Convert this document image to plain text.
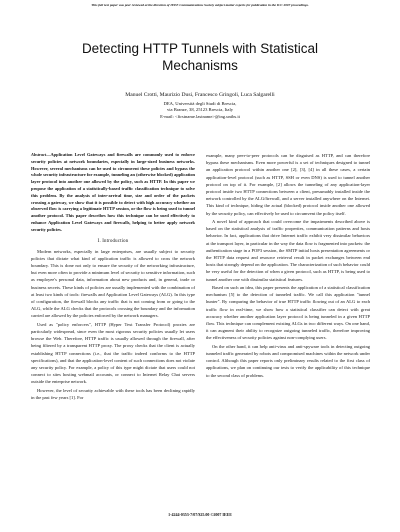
This full text paper was peer reviewed at the direction of IEEE Communications Society subject matter experts for publication in the ICC 2007 proceedings.
Detecting HTTP Tunnels with Statistical
Mechanisms
Manuel Crotti, Maurizio Dusi, Francesco Gringoli, Luca Salgarelli
DEA, Università degli Studi di Brescia,
via Branze, 38, 25123 Brescia, Italy
E-mail: <firstname.lastname>@ing.unibs.it

Abstract—Application Level Gateways and firewalls are commonly used to enforce security policies at network boundaries, especially in large-sized business networks. However, several mechanisms can be used to circumvent these policies and bypass the whole security infrastructure for example, tunneling an (otherwise blocked) application layer protocol into another one allowed by the policy, such as HTTP. In this paper we propose the application of a statistically-based traffic classification technique to solve this problem. By the analysis of inter-arrival time, size and order of the packets crossing a gateway, we show that it is possible to detect with high accuracy whether an observed flow is carrying a legitimate HTTP session, or the flow is being used to tunnel another protocol. This paper describes how this technique can be used effectively to enhance Application Level Gateways and firewalls, helping to better apply network security policies.

I. Introduction

Modern networks, especially in large enterprises, are usually subject to security policies that dictate what kind of application traffic is allowed to cross the network boundary. This is done not only to ensure the security of the networking infrastructure, but even more often to provide a minimum level of security to sensitive information, such as employee's personal data, information about new products and, in general, trade or business secrets. These kinds of policies are usually implemented with the combination of at least two kinds of tools: firewalls and Application Level Gateways (ALG). In this type of configuration, the firewall blocks any traffic that is not coming from or going to the ALG, while the ALG checks that the protocols crossing the boundary and the information carried are allowed by the policies enforced by the network managers.

Used as "policy enforcers", HTTP (Hyper Text Transfer Protocol) proxies are particularly widespread, since even the most rigorous security policies usually let users browse the Web. Therefore, HTTP traffic is usually allowed through the firewall, after being filtered by a transparent HTTP proxy. The proxy checks that the client is actually establishing HTTP connections (i.e., that the traffic indeed conforms to the HTTP specifications), and that the application-level content of such connections does not violate any security policy. For example, a policy of this type might dictate that users could not connect to sites hosting webmail accounts, or connect to Internet Relay Chat servers outside the enterprise network.

However, the level of security achievable with these tools has been declining rapidly in the past few years [1]. For

example, many peer-to-peer protocols can be disguised as HTTP, and can therefore bypass these mechanisms. Even more powerful is a set of techniques designed to tunnel an application protocol within another one [2], [3], [4] in all these cases, a certain application-level protocol (such as HTTP, SSH or even DNS) is used to tunnel another protocol on top of it. For example, [2] allows the tunneling of any application-layer protocol inside two HTTP connections between a client, presumably installed inside the network controlled by the ALG/firewall, and a server installed anywhere on the Internet. This kind of technique, hiding the actual (blocked) protocol inside another one allowed by the security policy, can effectively be used to circumvent the policy itself.

A novel kind of approach that could overcome the impairments described above is based on the statistical analysis of traffic properties, communication patterns and hosts behavior. In fact, applications that drive Internet traffic exhibit very dissimilar behaviors at the transport layer, in particular in the way the data flow is fragmented into packets: the authentication stage in a POP3 session, the SMTP initial hosts presentation agreements or the HTTP data request and resource retrieval result in packet exchanges between end hosts that strongly depend on the application. The characterization of such behavior could be very useful for the detection of when a given protocol, such as HTTP, is being used to tunnel another one with dissimilar statistical features.

Based on such an idea, this paper presents the application of a statistical classification mechanism [5] to the detection of tunneled traffic. We call this application "tunnel hunter". By comparing the behavior of true HTTP traffic flowing out of an ALG to each traffic flow in real-time, we show how a statistical classifier can detect with great accuracy whether another application layer protocol is being tunneled in a given HTTP flow. This technique can complement existing ALGs in two different ways. On one hand, it can augment their ability to recognize outgoing tunneled traffic, therefore improving the effectiveness of security policies against non-complying users.

On the other hand, it can help anti-virus and anti-spyware tools in detecting outgoing tunneled traffic generated by robots and compromised machines within the network under control. Although this paper reports only preliminary results related to the first class of applications, we plan on continuing our tests to verify the applicability of this technique to the second class of problems.

1-4244-0353-7/07/$25.00 ©2007 IEEE
